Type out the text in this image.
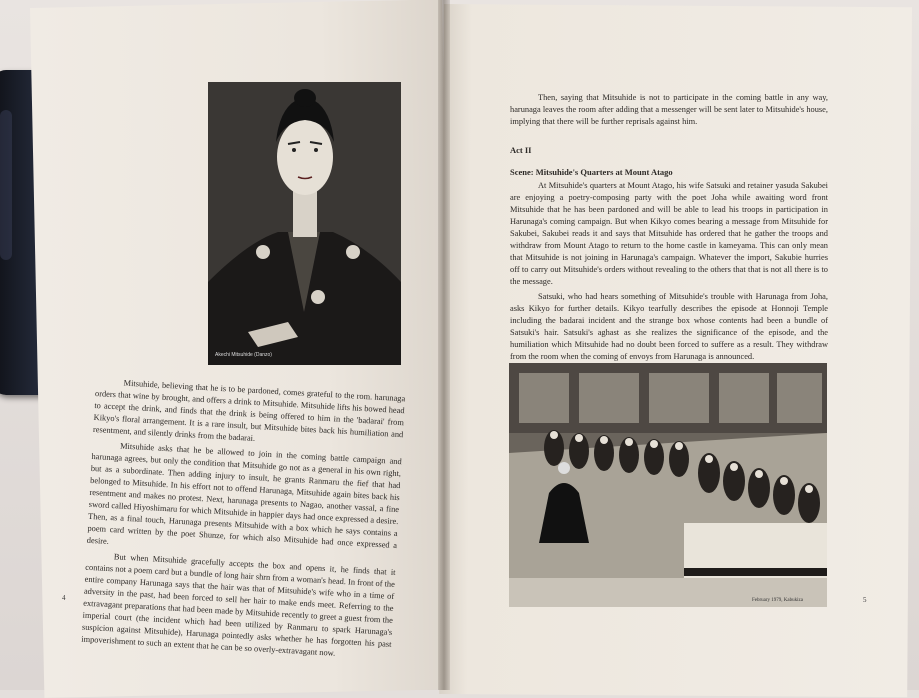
Akechi Mitsuhide (Danzo)

Mitsuhide, believing that he is to be pardoned, comes grateful to the rom. harunaga orders that wine by brought, and offers a drink to Mitsuhide. Mitsuhide lifts his bowed head to accept the drink, and finds that the drink is being offered to him in the 'badarai' from Kikyo's floral arrangement. It is a rare insult, but Mitsuhide bites back his humiliation and resentment, and silently drinks from the badarai.

Mitsuhide asks that he be allowed to join in the coming battle campaign and harunaga agrees, but only the condition that Mitsuhide go not as a general in his own right, but as a subordinate. Then adding injury to insult, he grants Ranmaru the fief that had belonged to Mitsuhide. In his effort not to offend Harunaga, Mitsuhide again bites back his resentment and makes no protest. Next, harunaga presents to Nagao, another vassal, a fine sword called Hiyoshimaru for which Mitsuhide in happier days had once expressed a desire. Then, as a final touch, Harunaga presents Mitsuhide with a box which he says contains a poem card written by the poet Shunze, for which also Mitsuhide had once expressed a desire.

But when Mitsuhide gracefully accepts the box and opens it, he finds that it contains not a poem card but a bundle of long hair shrn from a woman's head. In front of the entire company Harunaga says that the hair was that of Mitsuhide's wife who in a time of adversity in the past, had been forced to sell her hair to make ends meet. Referring to the extravagant preparations that had been made by Mitsuhide recently to greet a guest from the imperial court (the incident which had been utilized by Ranmaru to spark Harunaga's suspicion against Mitsuhide), Harunaga pointedly asks whether he has forgotten his past impoverishment to such an extent that he can be so overly-extravagant now.

4

Then, saying that Mitsuhide is not to participate in the coming battle in any way, harunaga leaves the room after adding that a messenger will be sent later to Mitsuhide's house, implying that there will be further reprisals against him.

Act II
Scene: Mitsuhide's Quarters at Mount Atago

At Mitsuhide's quarters at Mount Atago, his wife Satsuki and retainer yasuda Sakubei are enjoying a poetry-composing party with the poet Joha while awaiting word front Mitsuhide that he has been pardoned and will be able to lead his troops in participation in Harunaga's coming campaign. But when Kikyo comes bearing a message from Mitsuhide for Sakubei, Sakubei reads it and says that Mitsuhide has ordered that he gather the troops and withdraw from Mount Atago to return to the home castle in kameyama. This can only mean that Mitsuhide is not joining in Harunaga's campaign. Whatever the import, Sakubie hurries off to carry out Mitsuhide's orders without revealing to the others that that is not all there is to the message.

Satsuki, who had hears something of Mitsuhide's trouble with Harunaga from Joha, asks Kikyo for further details. Kikyo tearfully describes the episode at Honnoji Temple including the badarai incident and the strange box whose contents had been a bundle of Satsuki's hair. Satsuki's aghast as she realizes the significance of the episode, and the humiliation which Mitsuhide had no doubt been forced to suffere as a result. They withdraw from the room when the coming of envoys from Harunaga is announced.

February 1979, Kabukiza	5
